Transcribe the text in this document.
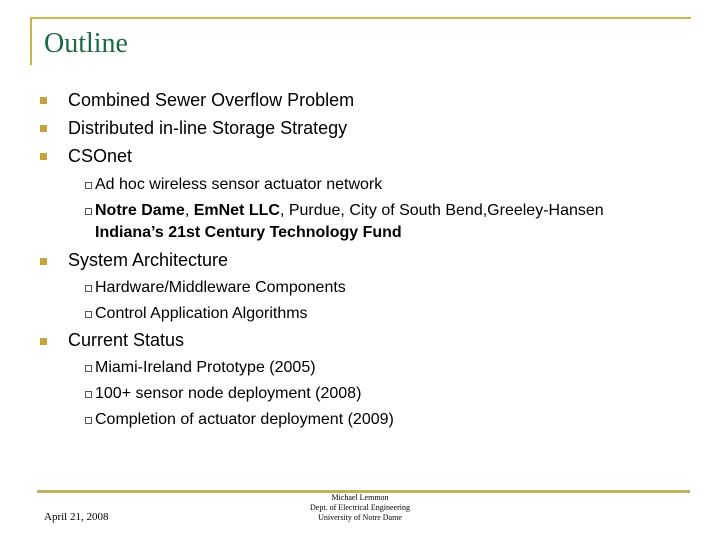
Outline
Combined Sewer Overflow Problem
Distributed in-line Storage Strategy
CSOnet
Ad hoc wireless sensor actuator network
Notre Dame, EmNet LLC, Purdue, City of South Bend,Greeley-Hansen
Indiana’s 21st Century Technology Fund
System Architecture
Hardware/Middleware Components
Control Application Algorithms
Current Status
Miami-Ireland Prototype (2005)
100+ sensor node deployment (2008)
Completion of actuator deployment (2009)
April 21, 2008
Michael Lemmon
Dept. of Electrical Engineering
University of Notre Dame
